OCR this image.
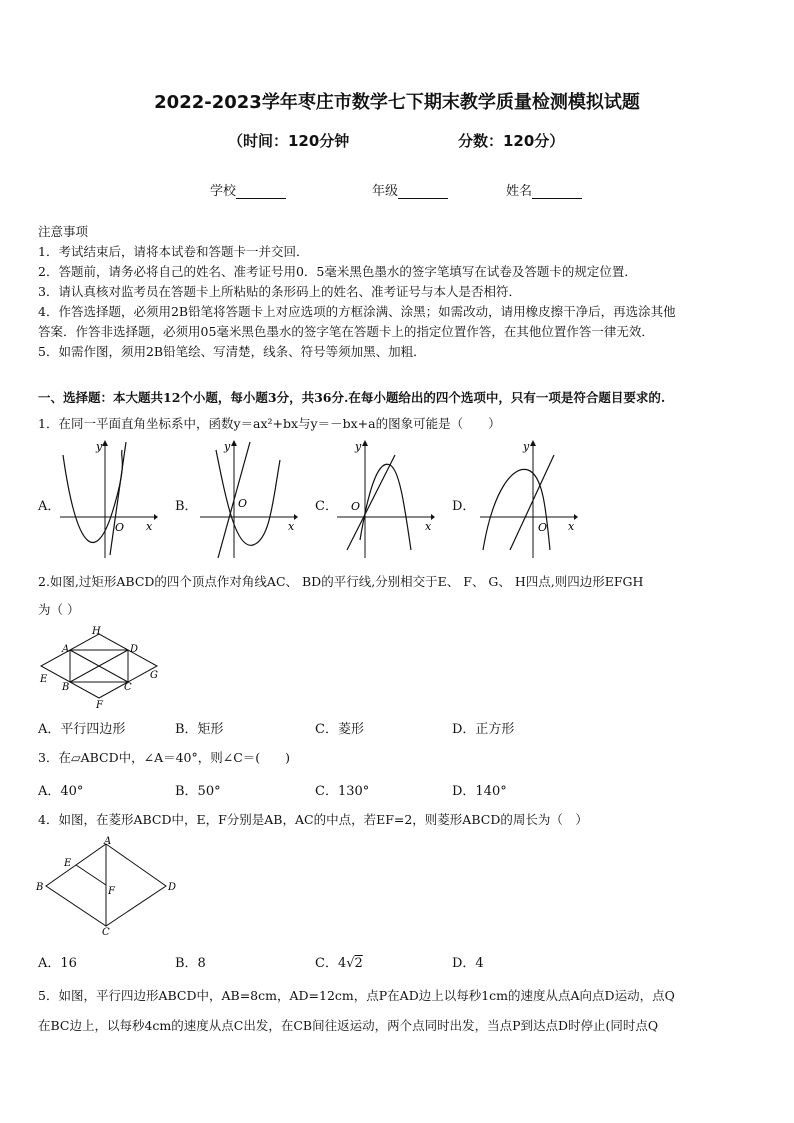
2022-2023学年枣庄市数学七下期末教学质量检测模拟试题
（时间：120分钟	分数：120分）
学校	年级	姓名
注意事项
1．考试结束后，请将本试卷和答题卡一并交回．
2．答题前，请务必将自己的姓名、准考证号用0．5毫米黑色墨水的签字笔填写在试卷及答题卡的规定位置．
3．请认真核对监考员在答题卡上所粘贴的条形码上的姓名、准考证号与本人是否相符．
4．作答选择题，必须用2B铅笔将答题卡上对应选项的方框涂满、涂黑；如需改动，请用橡皮擦干净后，再选涂其他
答案．作答非选择题，必须用05毫米黑色墨水的签字笔在答题卡上的指定位置作答，在其他位置作答一律无效．
5．如需作图，须用2B铅笔绘、写清楚，线条、符号等须加黑、加粗．
一、选择题：本大题共12个小题，每小题3分，共36分.在每小题给出的四个选项中，只有一项是符合题目要求的.
1．在同一平面直角坐标系中，函数y＝ax²+bx与y＝－bx+a的图象可能是（　　）
A．
y
x
O
B．
y
x
O	C．
y
x
O	D．
y
x
O
2.如图,过矩形ABCD的四个顶点作对角线AC、 BD的平行线,分别相交于E、 F、 G、 H四点,则四边形EFGH
为（ ）
H
A	D
E
B	C
G
F
A．平行四边形	B．矩形	C．菱形	D．正方形
3．在▱ABCD中，∠A＝40°，则∠C＝(　　)
A．40°	B．50°	C．130°	D．140°
4．如图，在菱形ABCD中，E，F分别是AB，AC的中点，若EF=2，则菱形ABCD的周长为（　）
A
E
B	F	D
C
A．16	B．8	C．4√2	D．4
5．如图，平行四边形ABCD中，AB=8cm，AD=12cm，点P在AD边上以每秒1cm的速度从点A向点D运动，点Q
在BC边上，以每秒4cm的速度从点C出发，在CB间往返运动，两个点同时出发，当点P到达点D时停止(同时点Q
